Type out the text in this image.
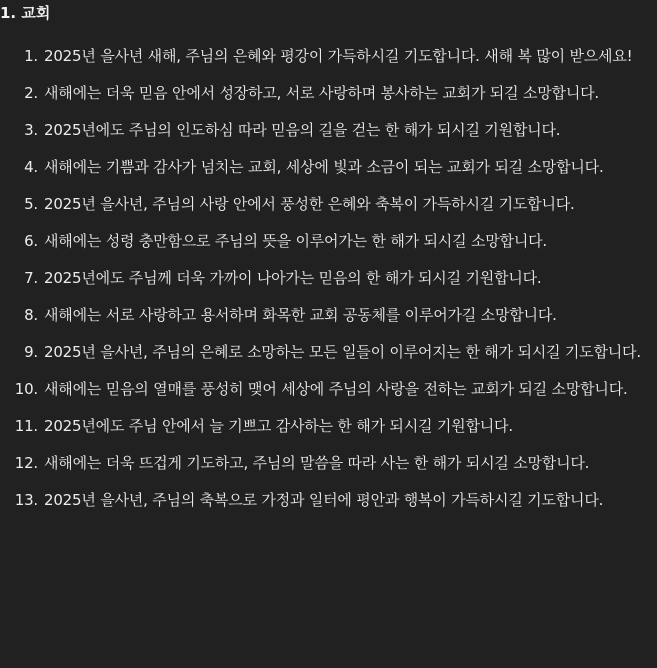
1. 교회
1. 2025년 을사년 새해, 주님의 은혜와 평강이 가득하시길 기도합니다. 새해 복 많이 받으세요!
2. 새해에는 더욱 믿음 안에서 성장하고, 서로 사랑하며 봉사하는 교회가 되길 소망합니다.
3. 2025년에도 주님의 인도하심 따라 믿음의 길을 걷는 한 해가 되시길 기원합니다.
4. 새해에는 기쁨과 감사가 넘치는 교회, 세상에 빛과 소금이 되는 교회가 되길 소망합니다.
5. 2025년 을사년, 주님의 사랑 안에서 풍성한 은혜와 축복이 가득하시길 기도합니다.
6. 새해에는 성령 충만함으로 주님의 뜻을 이루어가는 한 해가 되시길 소망합니다.
7. 2025년에도 주님께 더욱 가까이 나아가는 믿음의 한 해가 되시길 기원합니다.
8. 새해에는 서로 사랑하고 용서하며 화목한 교회 공동체를 이루어가길 소망합니다.
9. 2025년 을사년, 주님의 은혜로 소망하는 모든 일들이 이루어지는 한 해가 되시길 기도합니다.
10. 새해에는 믿음의 열매를 풍성히 맺어 세상에 주님의 사랑을 전하는 교회가 되길 소망합니다.
11. 2025년에도 주님 안에서 늘 기쁘고 감사하는 한 해가 되시길 기원합니다.
12. 새해에는 더욱 뜨겁게 기도하고, 주님의 말씀을 따라 사는 한 해가 되시길 소망합니다.
13. 2025년 을사년, 주님의 축복으로 가정과 일터에 평안과 행복이 가득하시길 기도합니다.
